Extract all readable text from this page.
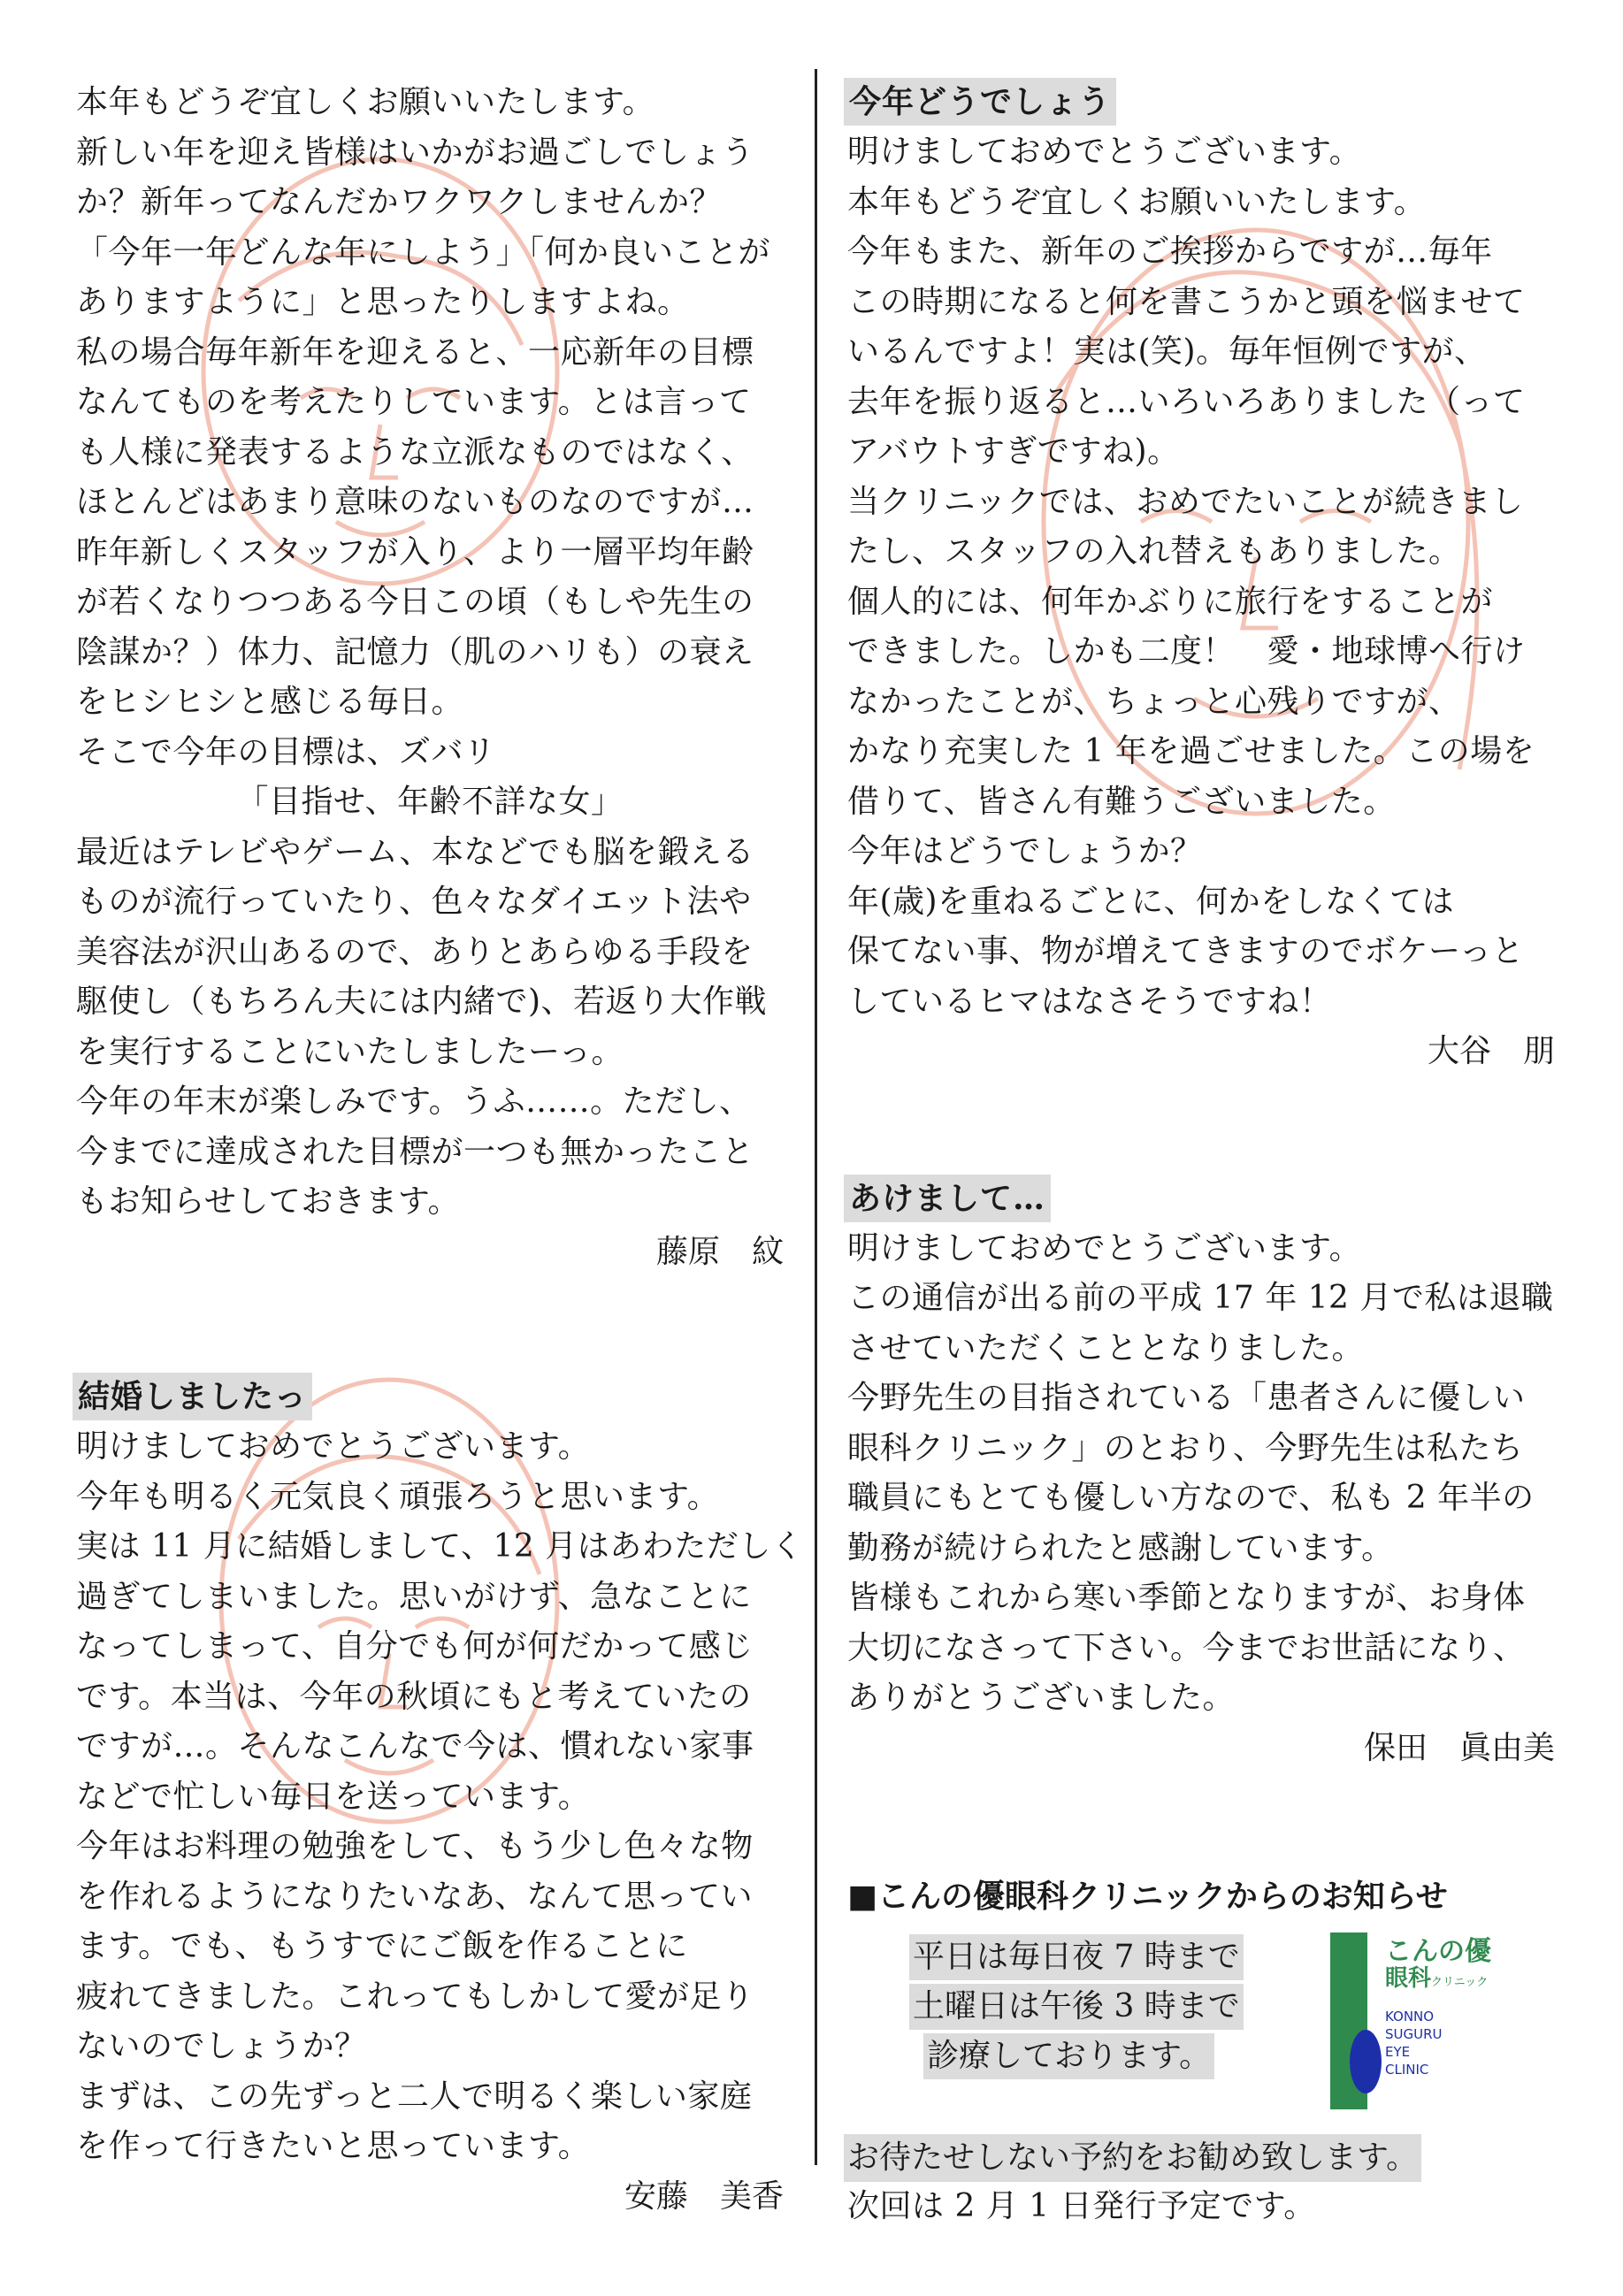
本年もどうぞ宜しくお願いいたします。

新しい年を迎え皆様はいかがお過ごしでしょう

か？新年ってなんだかワクワクしませんか？

「今年一年どんな年にしよう」「何か良いことが

ありますように」と思ったりしますよね。

私の場合毎年新年を迎えると、一応新年の目標

なんてものを考えたりしています。とは言って

も人様に発表するような立派なものではなく、

ほとんどはあまり意味のないものなのですが…

昨年新しくスタッフが入り、より一層平均年齢

が若くなりつつある今日この頃（もしや先生の

陰謀か？）体力、記憶力（肌のハリも）の衰え

をヒシヒシと感じる毎日。

そこで今年の目標は、ズバリ

「目指せ、年齢不詳な女」

最近はテレビやゲーム、本などでも脳を鍛える

ものが流行っていたり、色々なダイエット法や

美容法が沢山あるので、ありとあらゆる手段を

駆使し（もちろん夫には内緒で)、若返り大作戦

を実行することにいたしましたーっ。

今年の年末が楽しみです。うふ……。ただし、

今までに達成された目標が一つも無かったこと

もお知らせしておきます。

藤原　紋

結婚しましたっ

明けましておめでとうございます。

今年も明るく元気良く頑張ろうと思います。

実は 11 月に結婚しまして、12 月はあわただしく

過ぎてしまいました。思いがけず、急なことに

なってしまって、自分でも何が何だかって感じ

です。本当は、今年の秋頃にもと考えていたの

ですが…。そんなこんなで今は、慣れない家事

などで忙しい毎日を送っています。

今年はお料理の勉強をして、もう少し色々な物

を作れるようになりたいなあ、なんて思ってい

ます。でも、もうすでにご飯を作ることに

疲れてきました。これってもしかして愛が足り

ないのでしょうか？

まずは、この先ずっと二人で明るく楽しい家庭

を作って行きたいと思っています。

安藤　美香

今年どうでしょう

明けましておめでとうございます。

本年もどうぞ宜しくお願いいたします。

今年もまた、新年のご挨拶からですが…毎年

この時期になると何を書こうかと頭を悩ませて

いるんですよ！実は(笑)。毎年恒例ですが、

去年を振り返ると…いろいろありました（って

アバウトすぎですね)。

当クリニックでは、おめでたいことが続きまし

たし、スタッフの入れ替えもありました。

個人的には、何年かぶりに旅行をすることが

できました。しかも二度！　愛・地球博へ行け

なかったことが、ちょっと心残りですが、

かなり充実した 1 年を過ごせました。この場を

借りて、皆さん有難うございました。

今年はどうでしょうか？

年(歳)を重ねるごとに、何かをしなくては

保てない事、物が増えてきますのでボケーっと

しているヒマはなさそうですね！

大谷　朋

あけまして…

明けましておめでとうございます。

この通信が出る前の平成 17 年 12 月で私は退職

させていただくこととなりました。

今野先生の目指されている「患者さんに優しい

眼科クリニック」のとおり、今野先生は私たち

職員にもとても優しい方なので、私も 2 年半の

勤務が続けられたと感謝しています。

皆様もこれから寒い季節となりますが、お身体

大切になさって下さい。今までお世話になり、

ありがとうございました。

保田　眞由美

■こんの優眼科クリニックからのお知らせ

平日は毎日夜 7 時まで
土曜日は午後 3 時まで
診療しております。
こんの優
眼科クリニック
KONNO
SUGURU
EYE
CLINIC
お待たせしない予約をお勧め致します。

次回は 2 月 1 日発行予定です。
